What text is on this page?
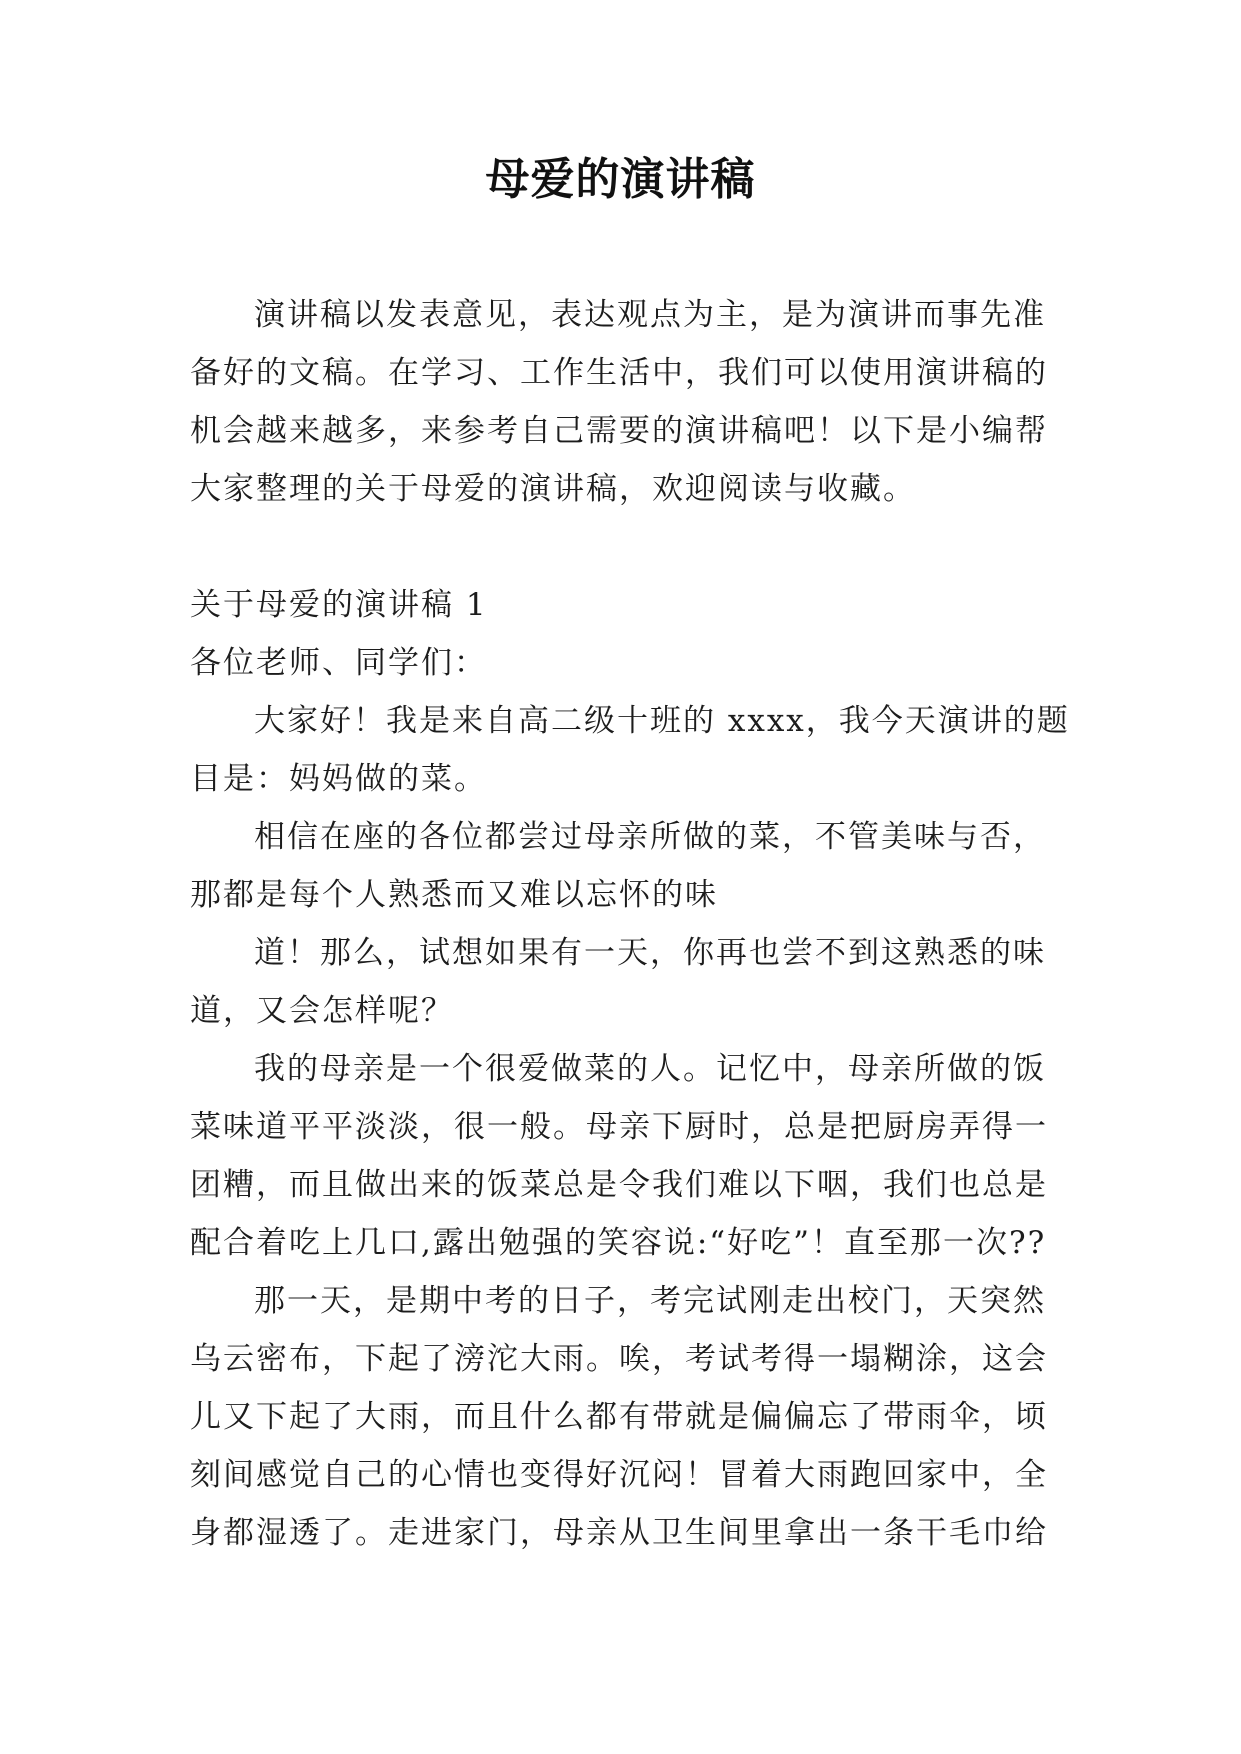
母爱的演讲稿

演讲稿以发表意见，表达观点为主，是为演讲而事先准

备好的文稿。在学习、工作生活中，我们可以使用演讲稿的

机会越来越多，来参考自己需要的演讲稿吧！以下是小编帮

大家整理的关于母爱的演讲稿，欢迎阅读与收藏。

关于母爱的演讲稿 1

各位老师、同学们：

大家好！我是来自高二级十班的 xxxx，我今天演讲的题

目是：妈妈做的菜。

相信在座的各位都尝过母亲所做的菜，不管美味与否，

那都是每个人熟悉而又难以忘怀的味

道！那么，试想如果有一天，你再也尝不到这熟悉的味

道，又会怎样呢？

我的母亲是一个很爱做菜的人。记忆中，母亲所做的饭

菜味道平平淡淡，很一般。母亲下厨时，总是把厨房弄得一

团糟，而且做出来的饭菜总是令我们难以下咽，我们也总是

配合着吃上几口,露出勉强的笑容说:“好吃”！直至那一次??

那一天，是期中考的日子，考完试刚走出校门，天突然

乌云密布，下起了滂沱大雨。唉，考试考得一塌糊涂，这会

儿又下起了大雨，而且什么都有带就是偏偏忘了带雨伞，顷

刻间感觉自己的心情也变得好沉闷！冒着大雨跑回家中，全

身都湿透了。走进家门，母亲从卫生间里拿出一条干毛巾给
